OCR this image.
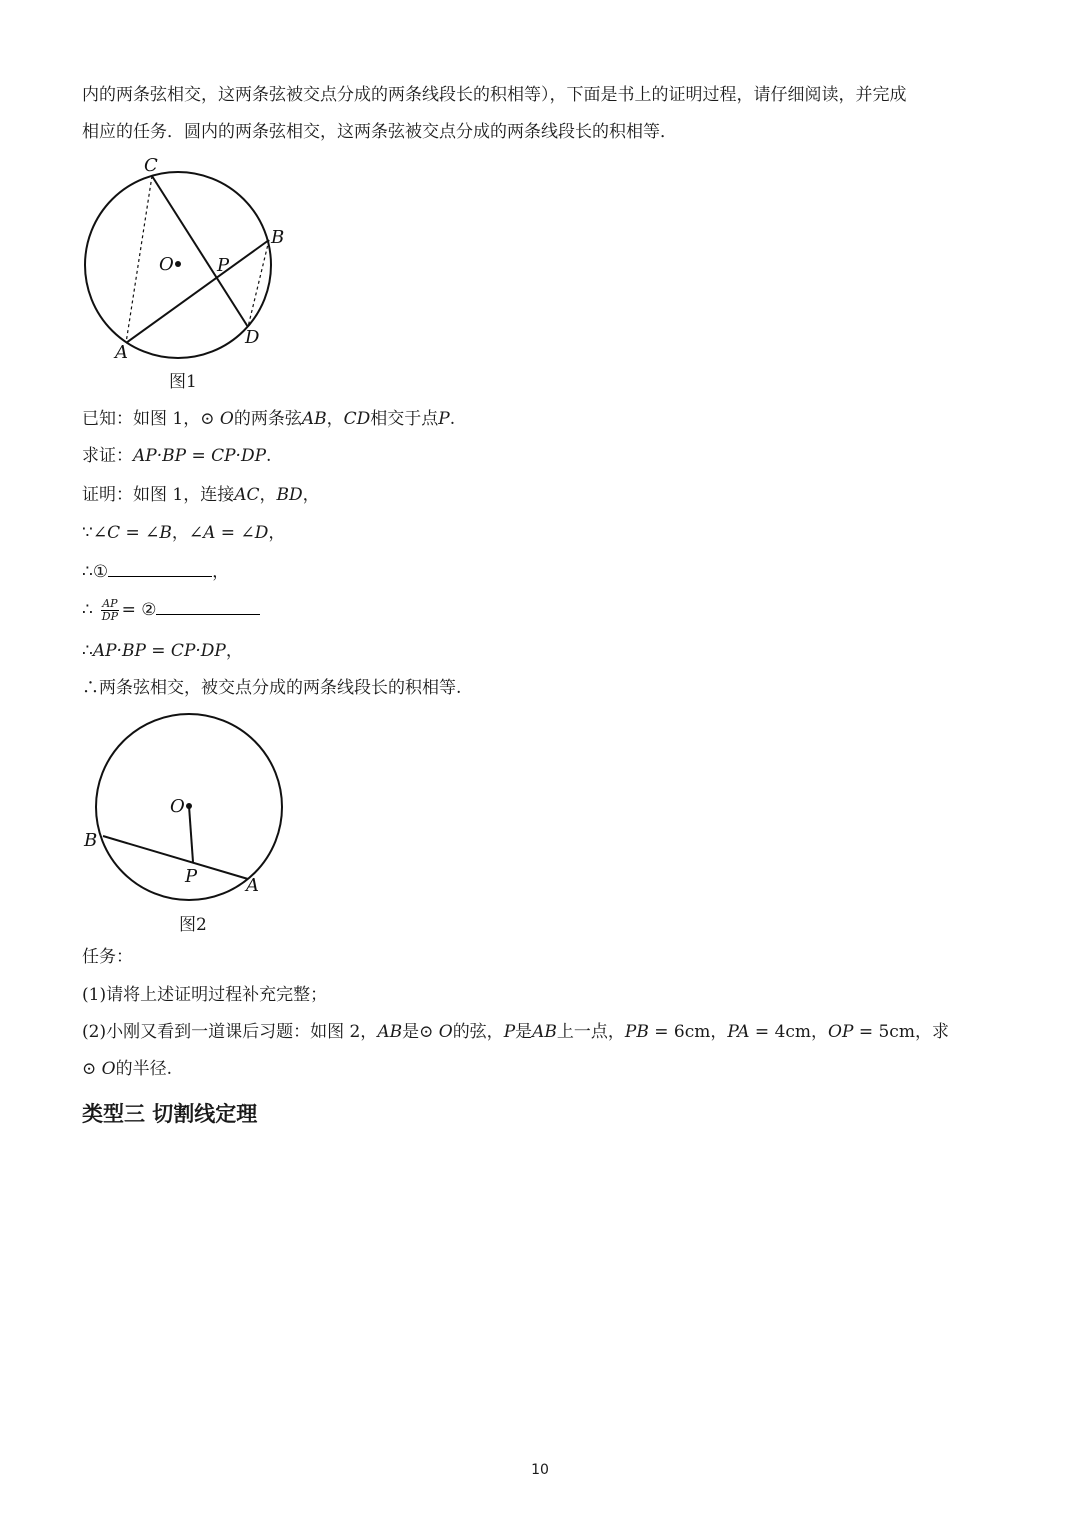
内的两条弦相交，这两条弦被交点分成的两条线段长的积相等），下面是书上的证明过程，请仔细阅读，并完成
相应的任务．圆内的两条弦相交，这两条弦被交点分成的两条线段长的积相等．
C
B
O P
D
A
图1
已知：如图 1，⊙ O的两条弦AB，CD相交于点P.
求证：AP·BP = CP·DP.
证明：如图 1，连接AC，BD，
∵∠C = ∠B，∠A = ∠D，
∴①	，
∴ $\frac{AP}{DP}$ = ②
∴AP·BP = CP·DP，
∴两条弦相交，被交点分成的两条线段长的积相等.
O
B
P	A
图2
任务：
(1)请将上述证明过程补充完整；
(2)小刚又看到一道课后习题：如图 2，AB是⊙ O的弦，P是AB上一点，PB = 6cm，PA = 4cm，OP = 5cm，求
⊙ O的半径.
类型三 切割线定理
10
